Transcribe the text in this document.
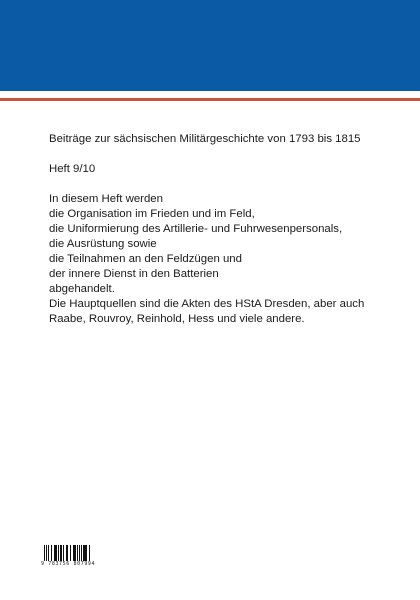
Beiträge zur sächsischen Militärgeschichte von 1793 bis 1815

Heft 9/10

In diesem Heft werden

die Organisation im Frieden und im Feld,

die Uniformierung des Artillerie- und Fuhrwesenpersonals,

die Ausrüstung sowie

die Teilnahmen an den Feldzügen und

der innere Dienst in den Batterien

abgehandelt.

Die Hauptquellen sind die Akten des HStA Dresden, aber auch

Raabe, Rouvroy, Reinhold, Hess und viele andere.

9 783756 807994
